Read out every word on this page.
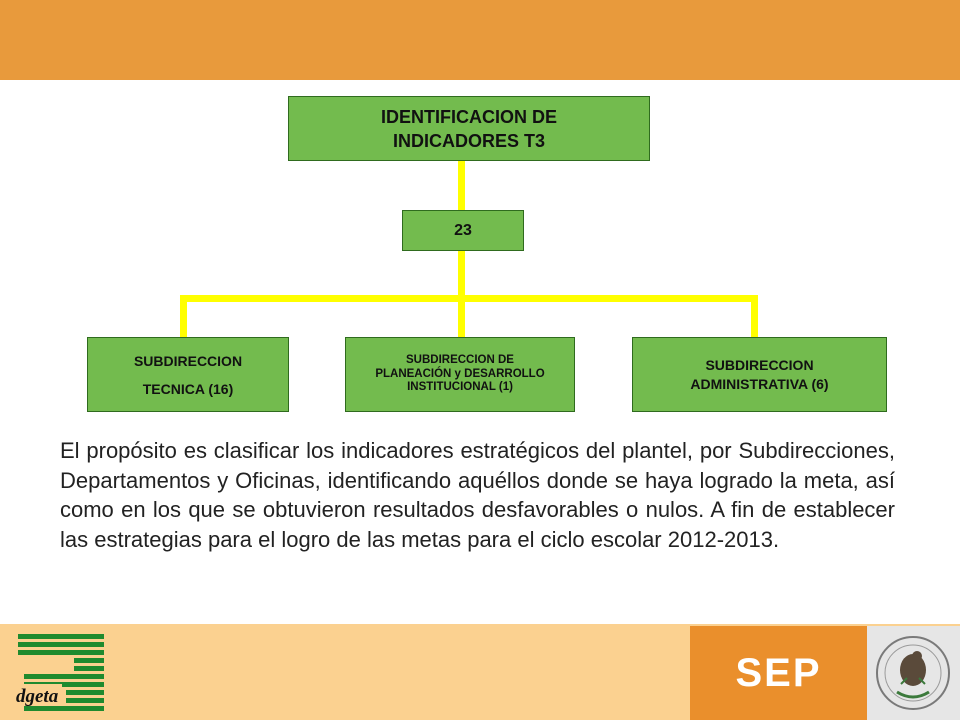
IDENTIFICACION DE INDICADORES T3
23
SUBDIRECCION
TECNICA (16)
SUBDIRECCION DE PLANEACIÓN y DESARROLLO INSTITUCIONAL (1)
SUBDIRECCION ADMINISTRATIVA (6)

El propósito es clasificar los indicadores estratégicos del plantel, por Subdirecciones, Departamentos y Oficinas, identificando aquéllos donde se haya logrado la meta, así como en los que se obtuvieron resultados desfavorables o nulos. A fin de establecer las estrategias para el logro de las metas para el ciclo escolar 2012-2013.

dgeta
SEP
